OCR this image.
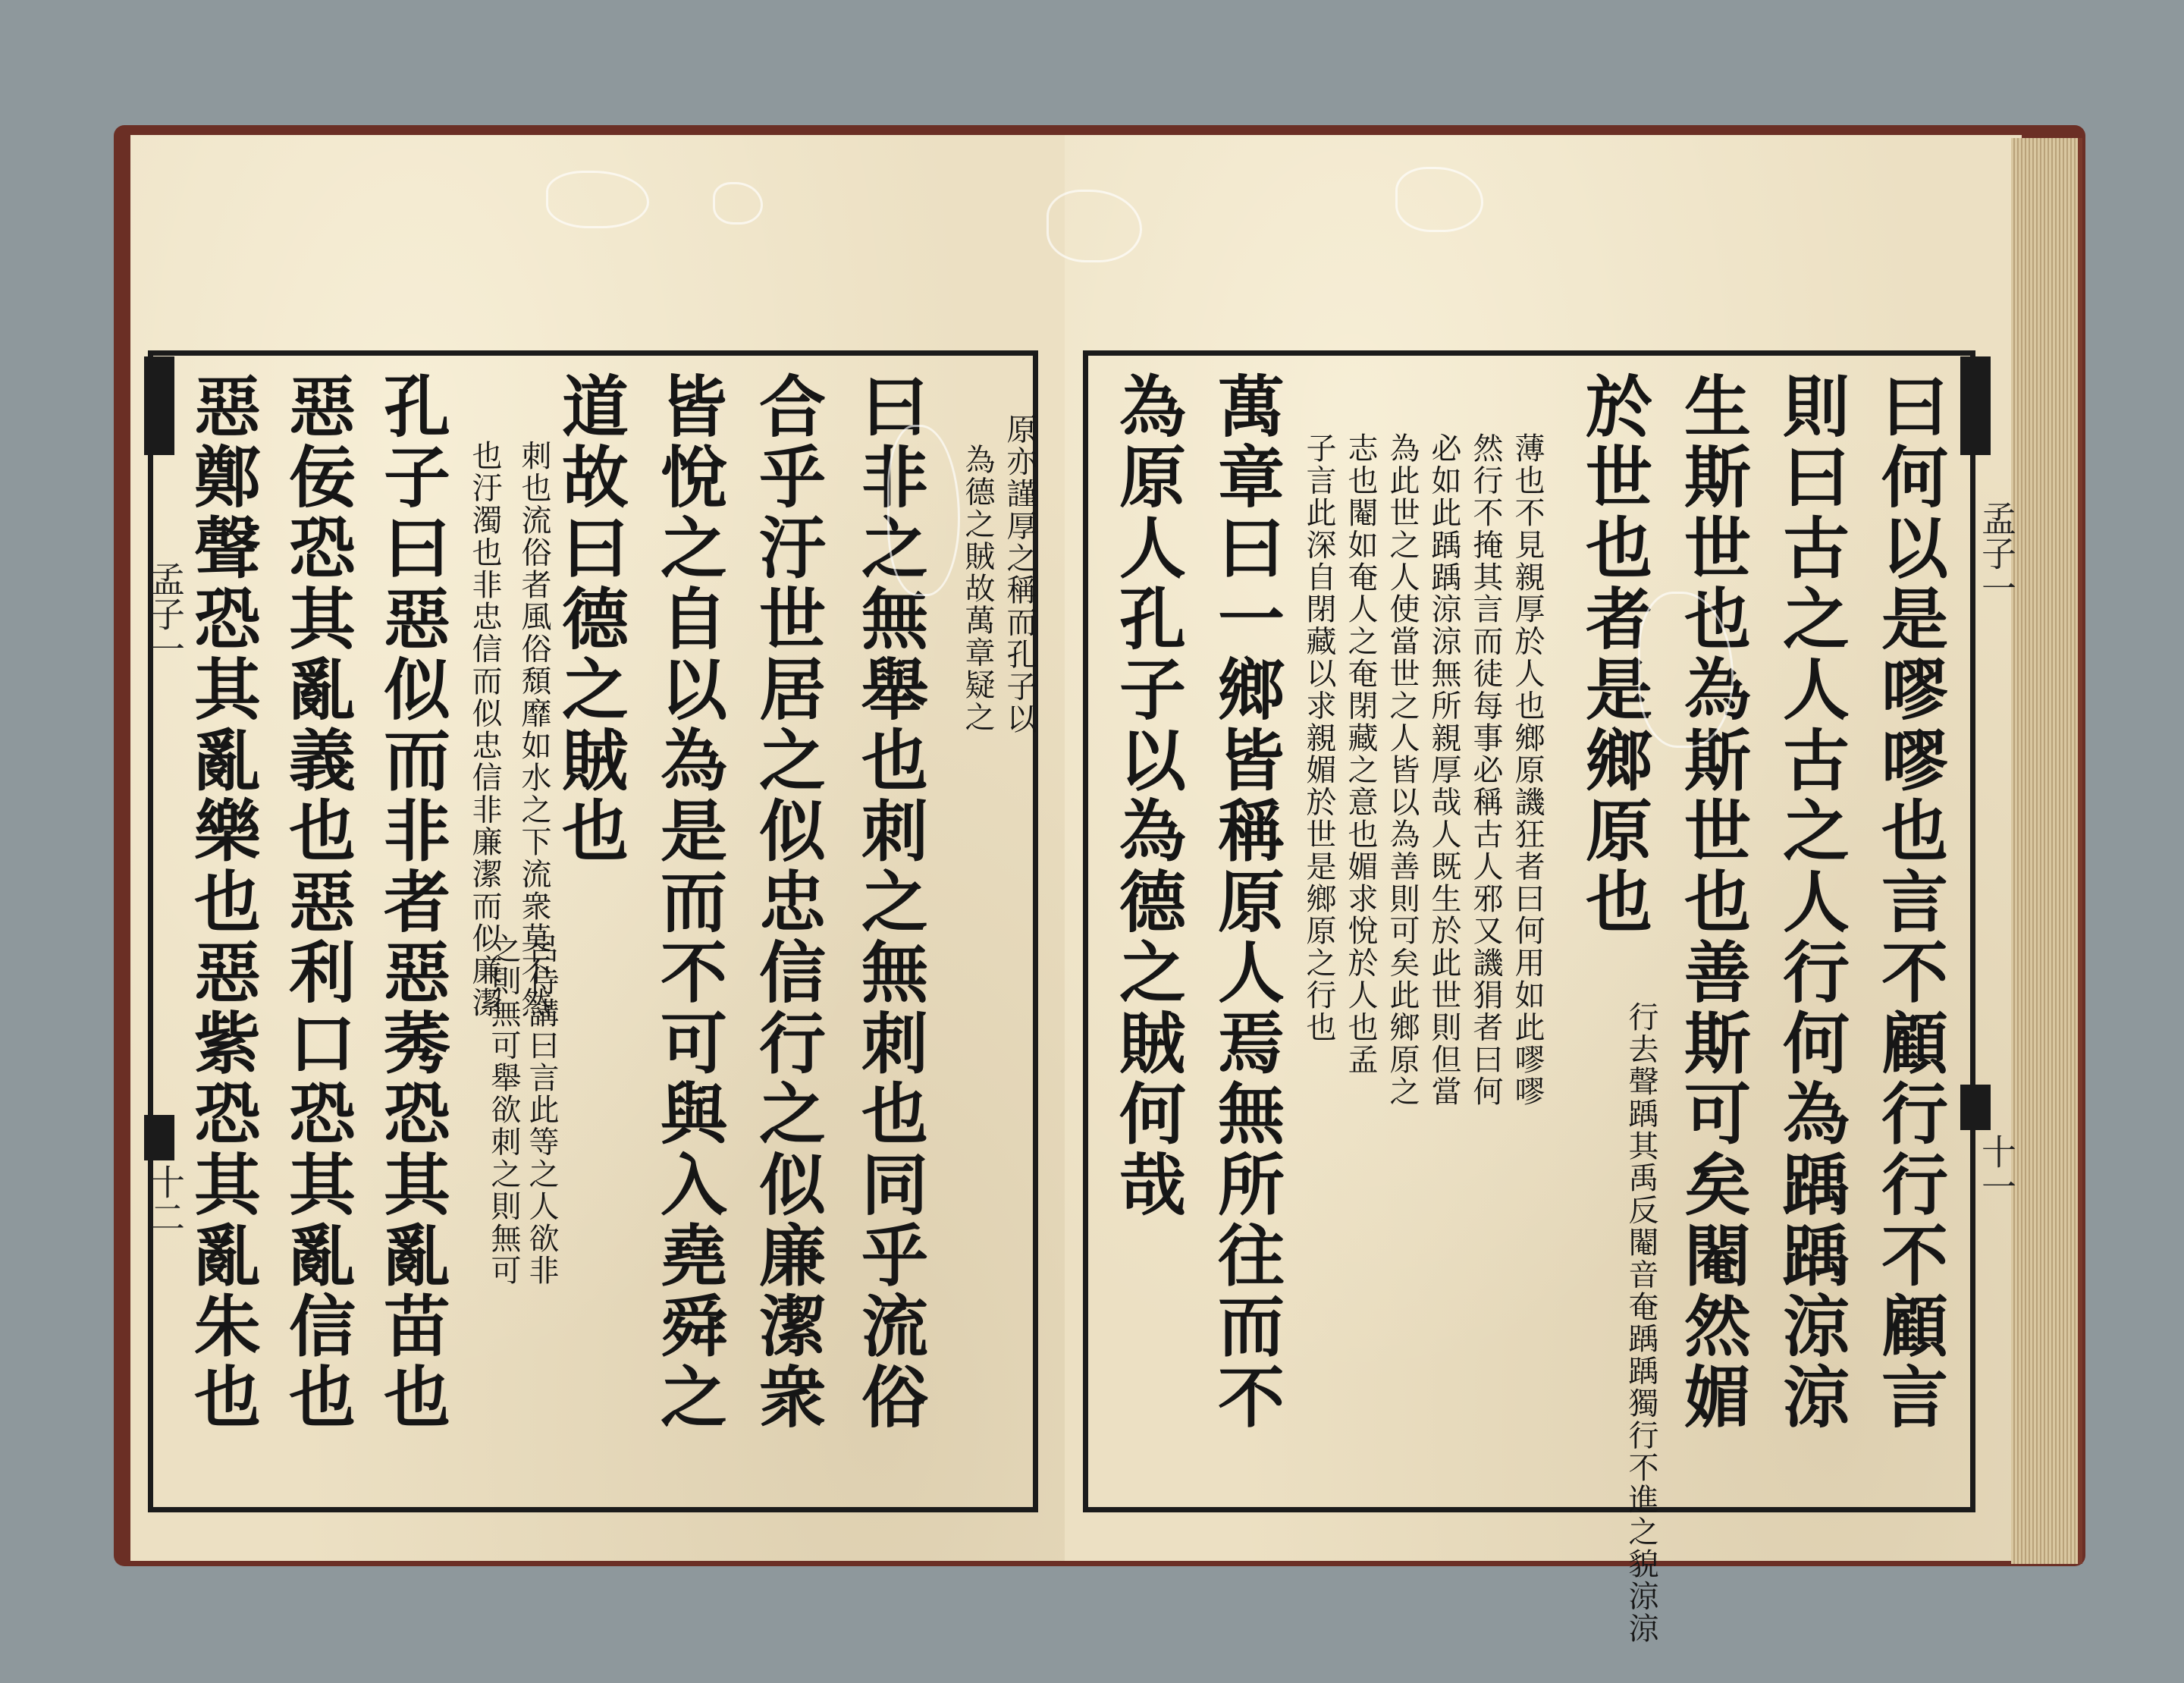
孟子一
十二
原亦謹厚之稱而孔子以
為德之賊故萬章疑之
曰非之無舉也刺之無刺也同乎流俗
合乎汙世居之似忠信行之似廉潔衆
皆悅之自以為是而不可與入堯舜之
道故曰德之賊也
呂侍講曰言此等之人欲非
之則無可舉欲刺之則無可
刺也流俗者風俗頹靡如水之下流衆莫不然
也汙濁也非忠信而似忠信非廉潔而似廉潔
孔子曰惡似而非者惡莠恐其亂苗也
惡佞恐其亂義也惡利口恐其亂信也
惡鄭聲恐其亂樂也惡紫恐其亂朱也	孟子一
十一
曰何以是嘐嘐也言不顧行行不顧言
則曰古之人古之人行何為踽踽涼涼
生斯世也為斯世也善斯可矣閹然媚
於世也者是鄉原也
行去聲踽其禹反閹音奄踽踽獨行不進之貌涼涼
薄也不見親厚於人也鄉原譏狂者曰何用如此嘐嘐
然行不掩其言而徒每事必稱古人邪又譏狷者曰何
必如此踽踽涼涼無所親厚哉人既生於此世則但當
為此世之人使當世之人皆以為善則可矣此鄉原之
志也閹如奄人之奄閉藏之意也媚求悅於人也孟
子言此深自閉藏以求親媚於世是鄉原之行也
萬章曰一鄉皆稱原人焉無所往而不
為原人孔子以為德之賊何哉
